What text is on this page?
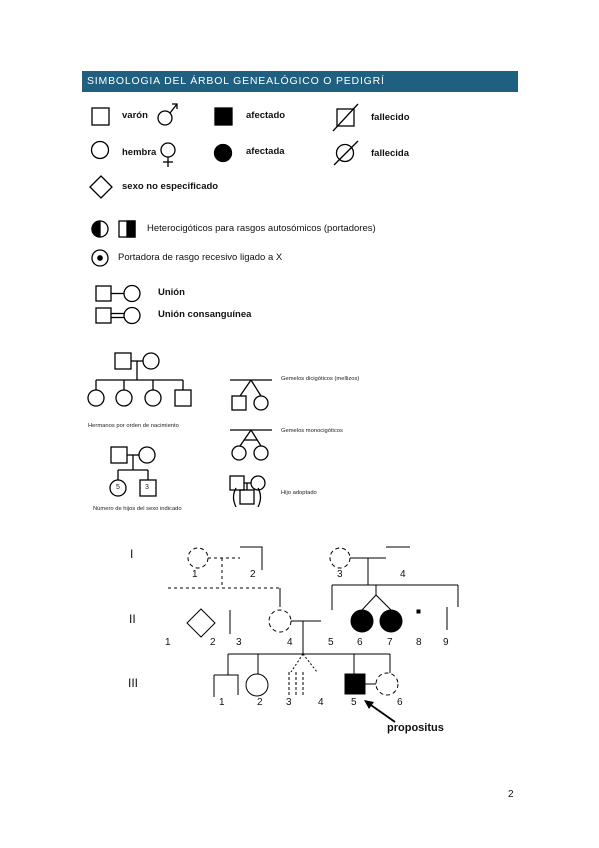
SIMBOLOGIA DEL ÁRBOL GENEALÓGICO O PEDIGRÍ
varón	afectado	fallecido
hembra	afectada	fallecida
sexo no especificado
Heterocigóticos para rasgos autosómicos (portadores)
Portadora de rasgo recesivo ligado a X
Unión
Unión consanguínea
Hermanos por orden de nacimiento
Gemelos dicigóticos (mellizos)
Gemelos monocigóticos
Número de hijos del sexo indicado
Hijo adoptado
5	3
I
II
III
1	2	3	4
1	2 3	4	5 6 7 8 9
1	2 3	4	5	6
propositus
2
